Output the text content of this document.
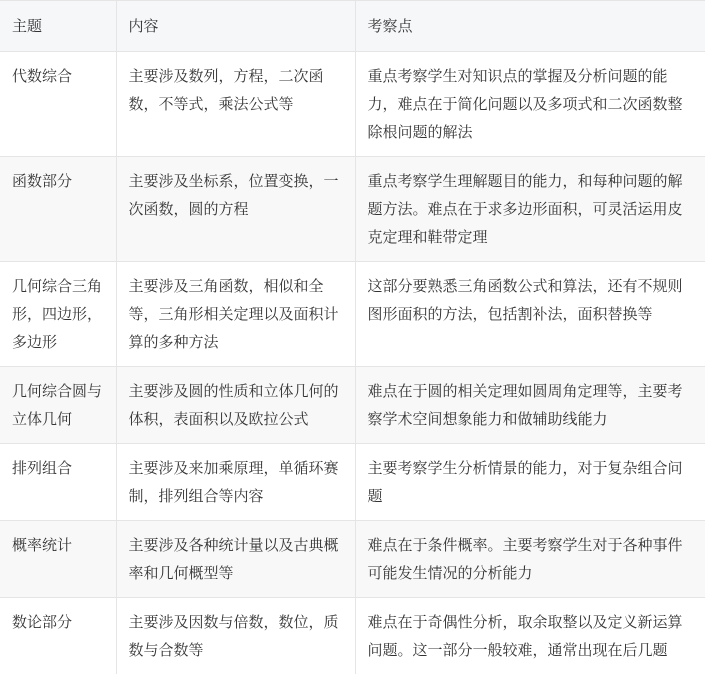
主题	内容	考察点
代数综合	主要涉及数列，方程，二次函数，不等式，乘法公式等	重点考察学生对知识点的掌握及分析问题的能力，难点在于简化问题以及多项式和二次函数整除根问题的解法
函数部分	主要涉及坐标系，位置变换，一次函数，圆的方程	重点考察学生理解题目的能力，和每种问题的解题方法。难点在于求多边形面积，可灵活运用皮克定理和鞋带定理
几何综合三角形，四边形，多边形	主要涉及三角函数，相似和全等，三角形相关定理以及面积计算的多种方法	这部分要熟悉三角函数公式和算法，还有不规则图形面积的方法，包括割补法，面积替换等
几何综合圆与立体几何	主要涉及圆的性质和立体几何的体积，表面积以及欧拉公式	难点在于圆的相关定理如圆周角定理等，主要考察学术空间想象能力和做辅助线能力
排列组合	主要涉及来加乘原理，单循环赛制，排列组合等内容	主要考察学生分析情景的能力，对于复杂组合问题
概率统计	主要涉及各种统计量以及古典概率和几何概型等	难点在于条件概率。主要考察学生对于各种事件可能发生情况的分析能力
数论部分	主要涉及因数与倍数，数位，质数与合数等	难点在于奇偶性分析，取余取整以及定义新运算问题。这一部分一般较难，通常出现在后几题
